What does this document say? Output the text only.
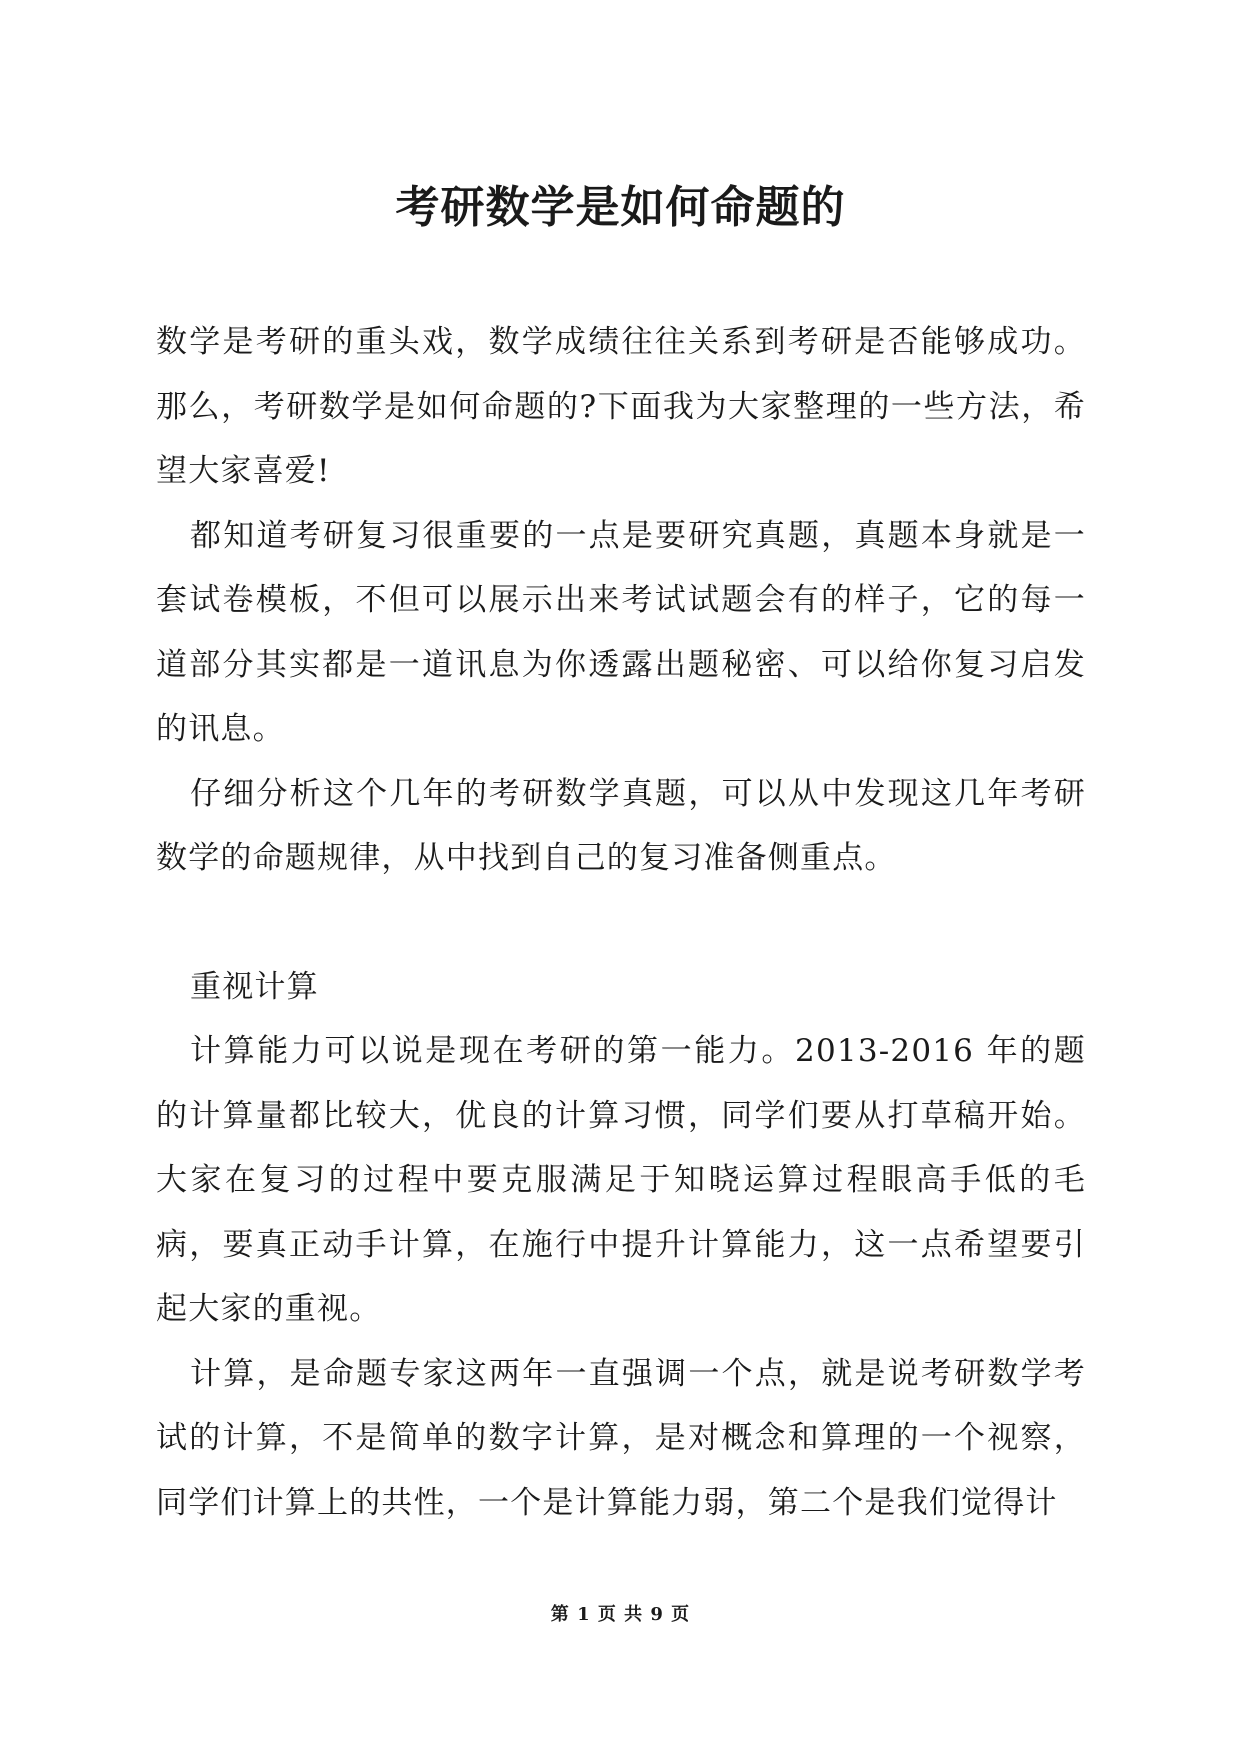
考研数学是如何命题的

数学是考研的重头戏，数学成绩往往关系到考研是否能够成功。那么，考研数学是如何命题的?下面我为大家整理的一些方法，希望大家喜爱!

都知道考研复习很重要的一点是要研究真题，真题本身就是一套试卷模板，不但可以展示出来考试试题会有的样子，它的每一道部分其实都是一道讯息为你透露出题秘密、可以给你复习启发的讯息。

仔细分析这个几年的考研数学真题，可以从中发现这几年考研数学的命题规律，从中找到自己的复习准备侧重点。

重视计算

计算能力可以说是现在考研的第一能力。2013-2016 年的题的计算量都比较大，优良的计算习惯，同学们要从打草稿开始。大家在复习的过程中要克服满足于知晓运算过程眼高手低的毛病，要真正动手计算，在施行中提升计算能力，这一点希望要引起大家的重视。

计算，是命题专家这两年一直强调一个点，就是说考研数学考试的计算，不是简单的数字计算，是对概念和算理的一个视察，同学们计算上的共性，一个是计算能力弱，第二个是我们觉得计

第 1 页 共 9 页
